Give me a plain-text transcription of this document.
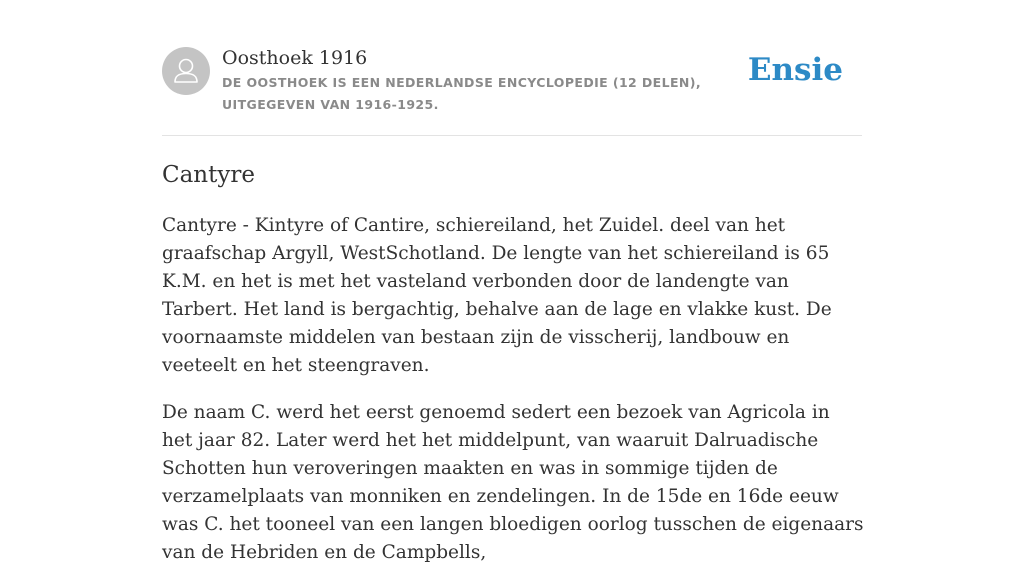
Oosthoek 1916
DE OOSTHOEK IS EEN NEDERLANDSE ENCYCLOPEDIE (12 DELEN), UITGEGEVEN VAN 1916-1925.
Ensie
Cantyre

Cantyre - Kintyre of Cantire, schiereiland, het Zuidel. deel van het graafschap Argyll, WestSchotland. De lengte van het schiereiland is 65 K.M. en het is met het vasteland verbonden door de landengte van Tarbert. Het land is bergachtig, behalve aan de lage en vlakke kust. De voornaamste middelen van bestaan zijn de visscherij, landbouw en veeteelt en het steengraven.

De naam C. werd het eerst genoemd sedert een bezoek van Agricola in het jaar 82. Later werd het het middelpunt, van waaruit Dalruadische Schotten hun veroveringen maakten en was in sommige tijden de verzamelplaats van monniken en zendelingen. In de 15de en 16de eeuw was C. het tooneel van een langen bloedigen oorlog tusschen de eigenaars van de Hebriden en de Campbells,
